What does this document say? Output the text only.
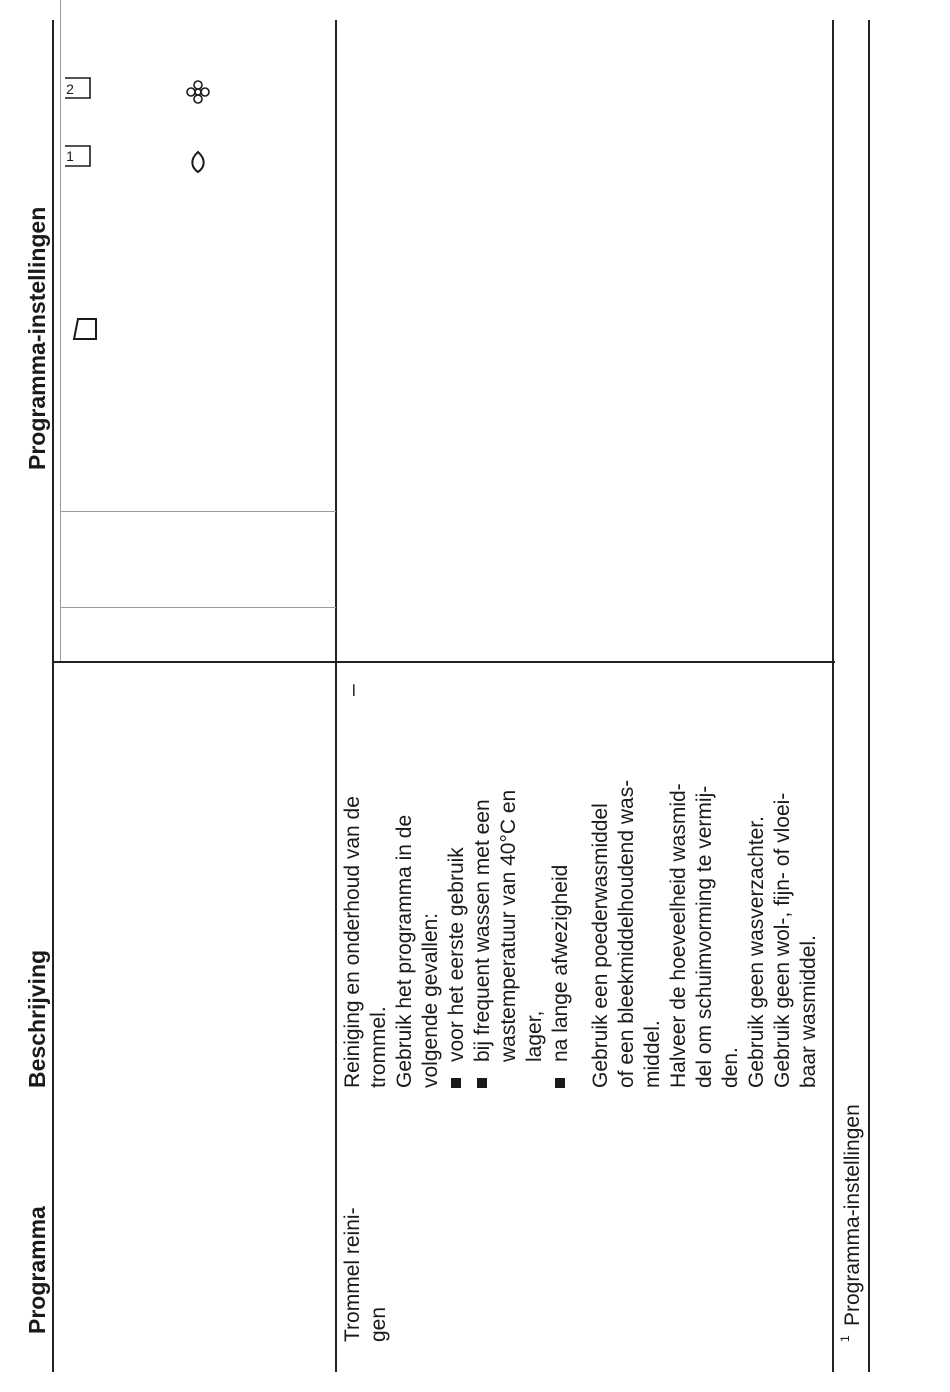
Programma
Beschrijving
Programma-instellingen
1
2
Trommel reini- gen
Reiniging en onderhoud van de trommel. Gebruik het programma in de volgende gevallen: voor het eerste gebruik bij frequent wassen met een wastemperatuur van 40°C en lager, na lange afwezigheid Gebruik een poederwasmiddel of een bleekmiddelhoudend was- middel. Halveer de hoeveelheid wasmid- del om schuimvorming te vermij- den. Gebruik geen wasverzachter. Gebruik geen wol-, fijn- of vloei- baar wasmiddel.
–
1
Programma-instellingen
